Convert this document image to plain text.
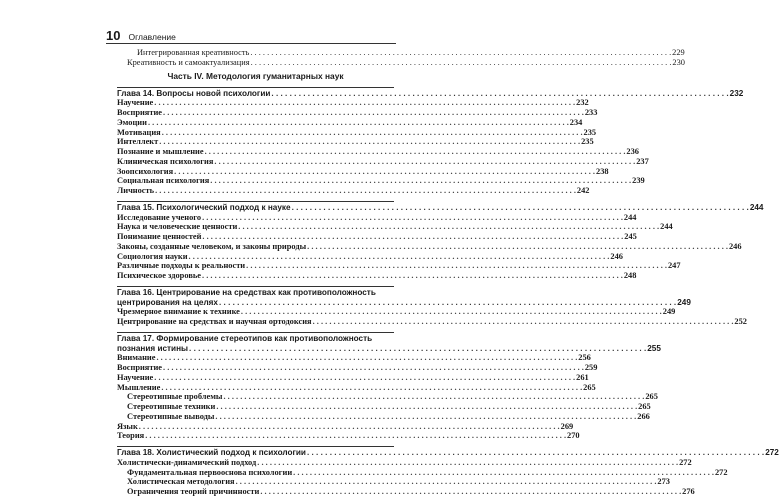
10 Оглавление
Интегрированная креативность . . .	229
Креативность и самоактуализация . . .	230
Часть IV. Методология гуманитарных наук
Глава 14. Вопросы новой психологии . . .	232
Научение . . .	232
Восприятие . . .	233
Эмоции . . .	234
Мотивация . . .	235
Интеллект . . .	235
Познание и мышление . . .	236
Клиническая психология . . .	237
Зоопсихология . . .	238
Социальная психология . . .	239
Личность . . .	242
Глава 15. Психологический подход к науке . . .	244
Исследование ученого . . .	244
Наука и человеческие ценности . . .	244
Понимание ценностей . . .	245
Законы, созданные человеком, и законы природы . . .	246
Социология науки . . .	246
Различные подходы к реальности . . .	247
Психическое здоровье . . .	248
Глава 16. Центрирование на средствах как противоположность
центрирования на целях . . .	249
Чрезмерное внимание к технике . . .	249
Центрирование на средствах и научная ортодоксия . . .	252
Глава 17. Формирование стереотипов как противоположность
познания истины . . .	255
Внимание . . .	256
Восприятие . . .	259
Научение . . .	261
Мышление . . .	265
Стереотипные проблемы . . .	265
Стереотипные техники . . .	265
Стереотипные выводы . . .	266
Язык . . .	269
Теория . . .	270
Глава 18. Холистический подход к психологии . . .	272
Холистически-динамический подход . . .	272
Фундаментальная первооснова психологии . . .	272
Холистическая методология . . .	273
Ограничения теорий причинности . . .	276
